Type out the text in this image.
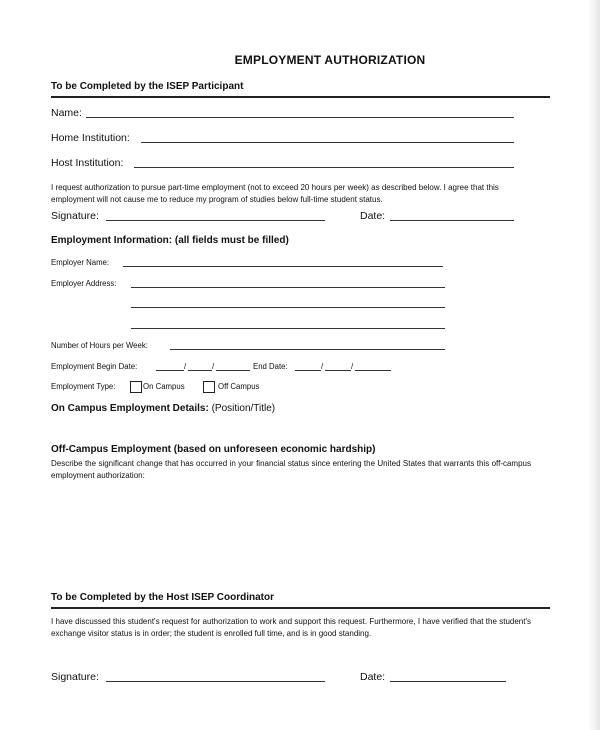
EMPLOYMENT AUTHORIZATION
To be Completed by the ISEP Participant
Name:
Home Institution:
Host Institution:
I request authorization to pursue part-time employment (not to exceed 20 hours per week) as described below. I agree that this employment will not cause me to reduce my program of studies below full-time student status.
Signature:	Date:
Employment Information: (all fields must be filled)
Employer Name:
Employer Address:
Number of Hours per Week:
Employment Begin Date:	/	/	End Date:	/	/
Employment Type:	On Campus	Off Campus
On Campus Employment Details: (Position/Title)
Off-Campus Employment (based on unforeseen economic hardship)
Describe the significant change that has occurred in your financial status since entering the United States that warrants this off-campus employment authorization:
To be Completed by the Host ISEP Coordinator
I have discussed this student's request for authorization to work and support this request. Furthermore, I have verified that the student's exchange visitor status is in order; the student is enrolled full time, and is in good standing.
Signature:	Date:
